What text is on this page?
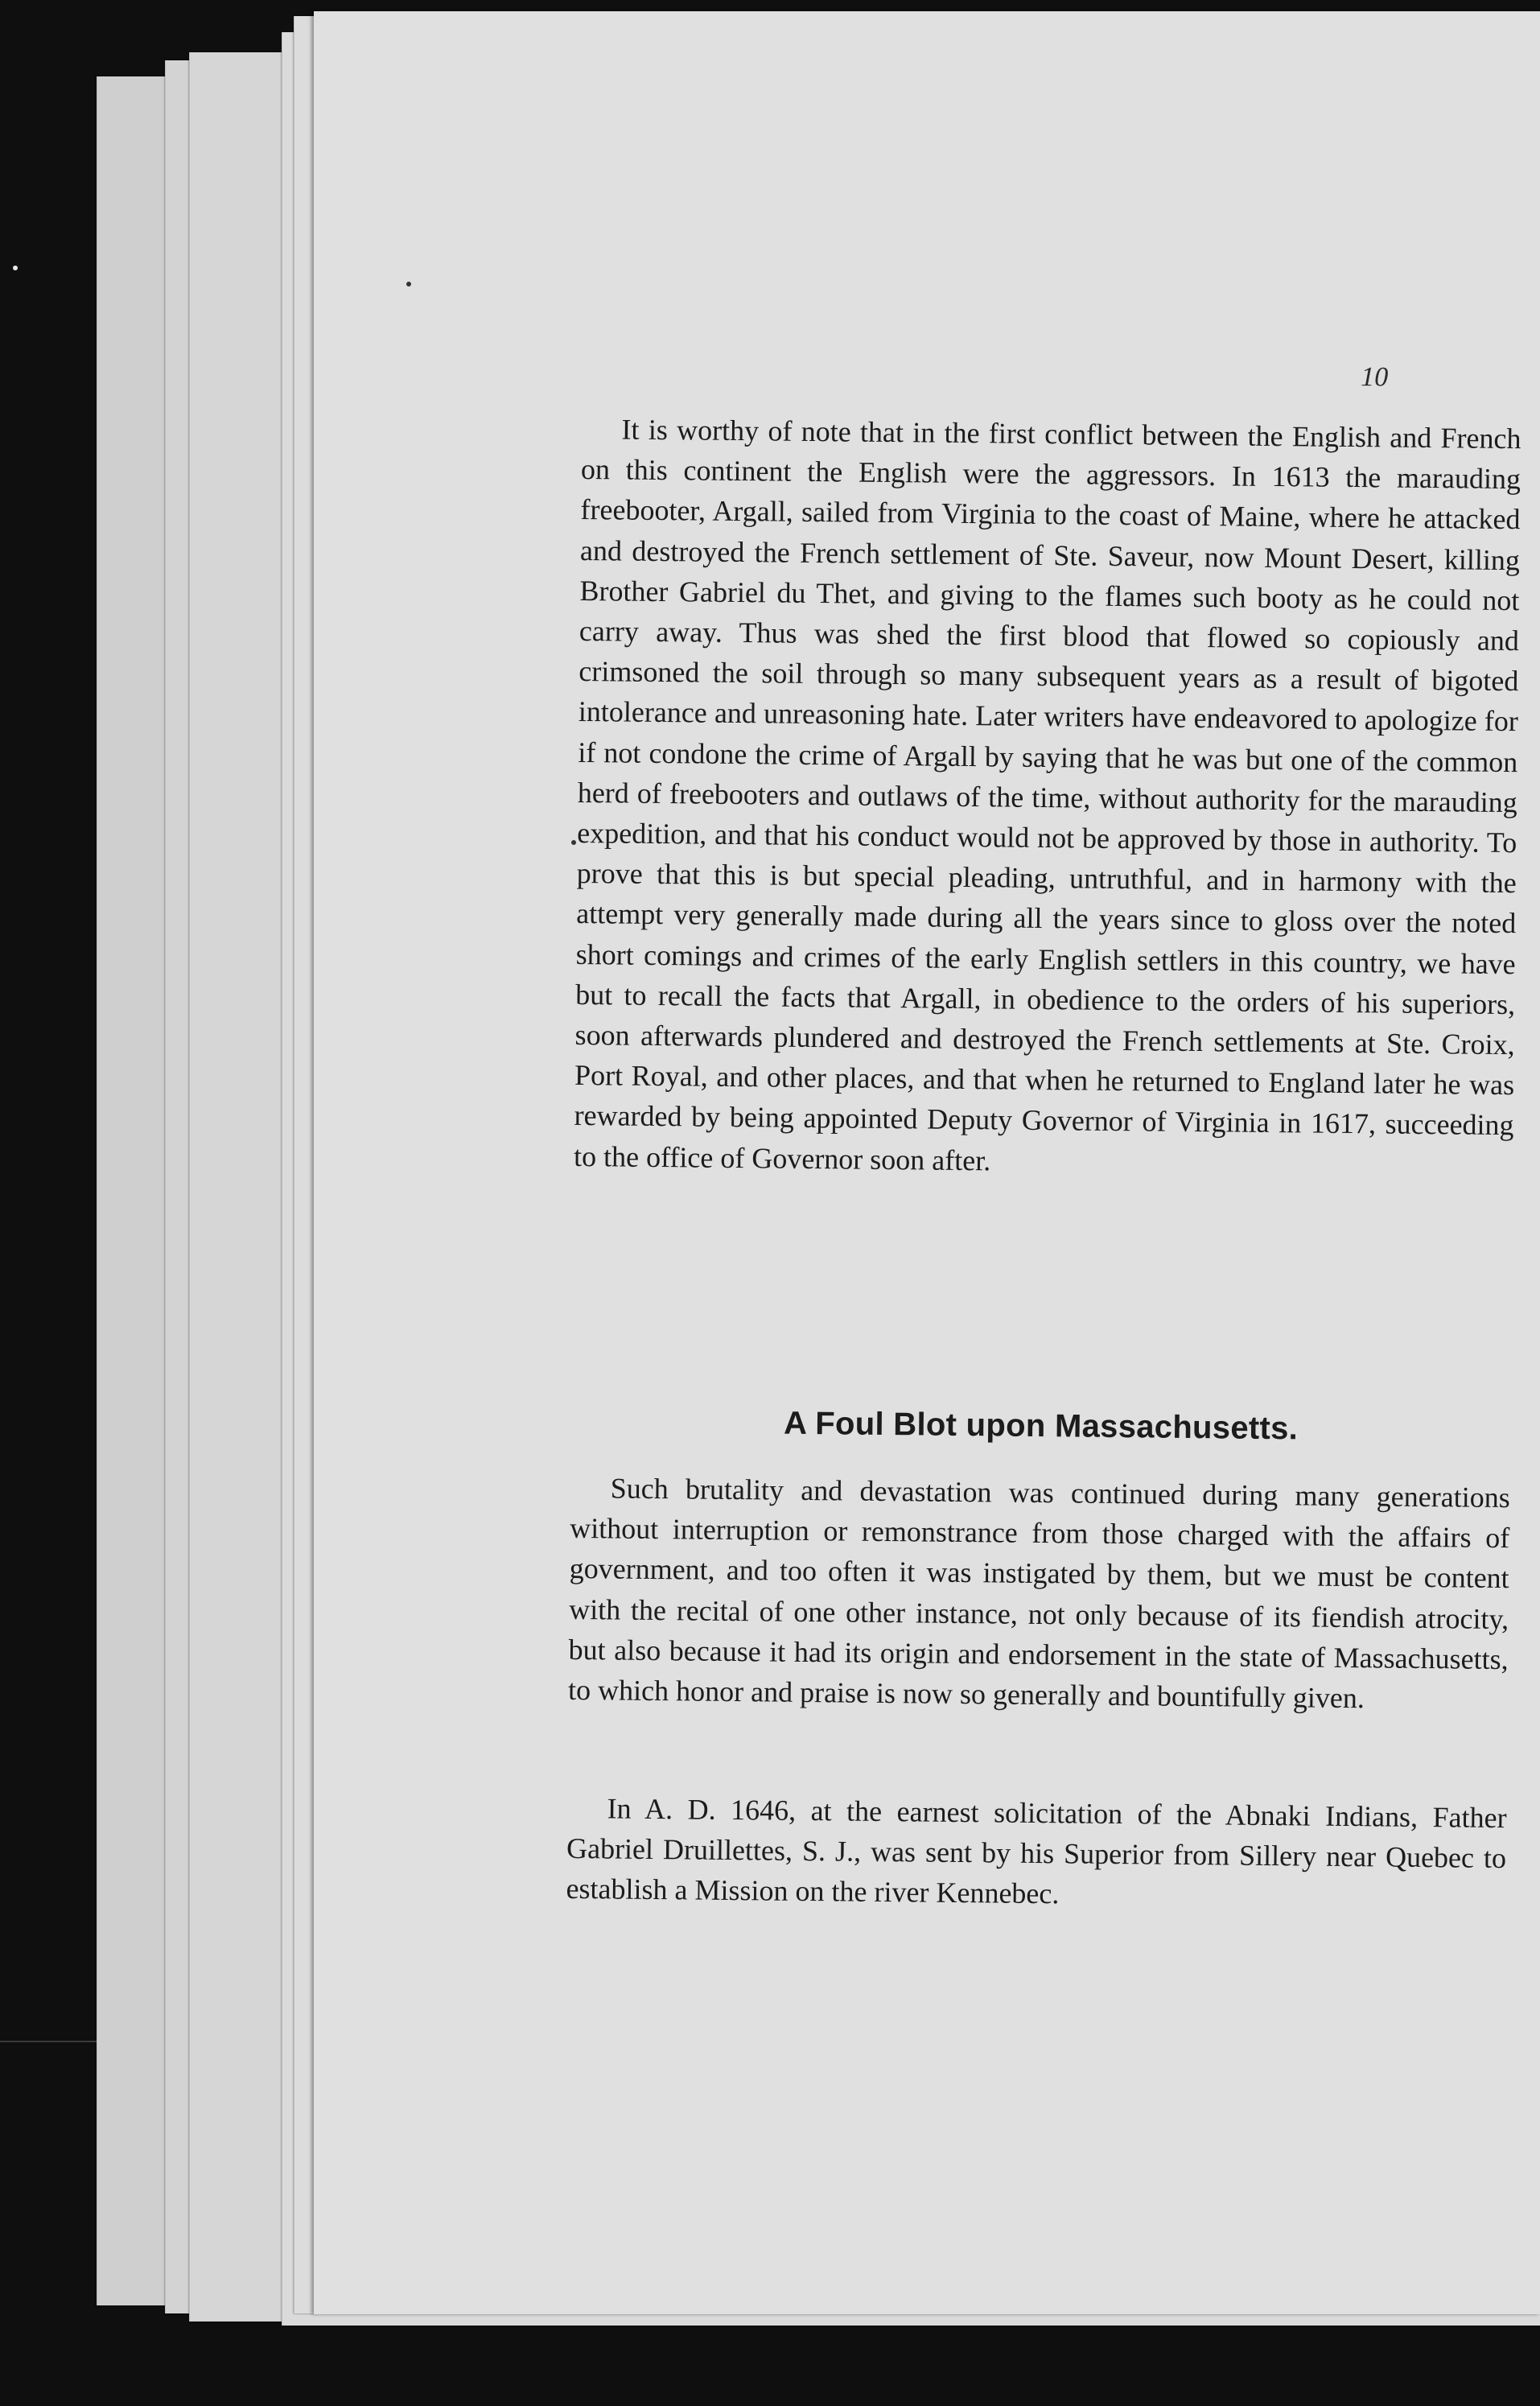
10

It is worthy of note that in the first conflict between the English and French on this continent the English were the aggressors. In 1613 the marauding freebooter, Argall, sailed from Virginia to the coast of Maine, where he attacked and destroyed the French settlement of Ste. Saveur, now Mount Desert, killing Brother Gabriel du Thet, and giving to the flames such booty as he could not carry away. Thus was shed the first blood that flowed so copiously and crimsoned the soil through so many subsequent years as a result of bigoted intolerance and unreasoning hate. Later writers have endeavored to apologize for if not condone the crime of Argall by saying that he was but one of the common herd of freebooters and outlaws of the time, without authority for the marauding expedition, and that his conduct would not be approved by those in authority. To prove that this is but special pleading, untruthful, and in harmony with the attempt very generally made during all the years since to gloss over the noted short comings and crimes of the early English settlers in this country, we have but to recall the facts that Argall, in obedience to the orders of his superiors, soon afterwards plundered and destroyed the French settlements at Ste. Croix, Port Royal, and other places, and that when he returned to England later he was rewarded by being appointed Deputy Governor of Virginia in 1617, succeeding to the office of Governor soon after.

A Foul Blot upon Massachusetts.

Such brutality and devastation was continued during many generations without interruption or remonstrance from those charged with the affairs of government, and too often it was instigated by them, but we must be content with the recital of one other instance, not only because of its fiendish atrocity, but also because it had its origin and endorsement in the state of Massachusetts, to which honor and praise is now so generally and bountifully given.

In A. D. 1646, at the earnest solicitation of the Abnaki Indians, Father Gabriel Druillettes, S. J., was sent by his Superior from Sillery near Quebec to establish a Mission on the river Kennebec.
